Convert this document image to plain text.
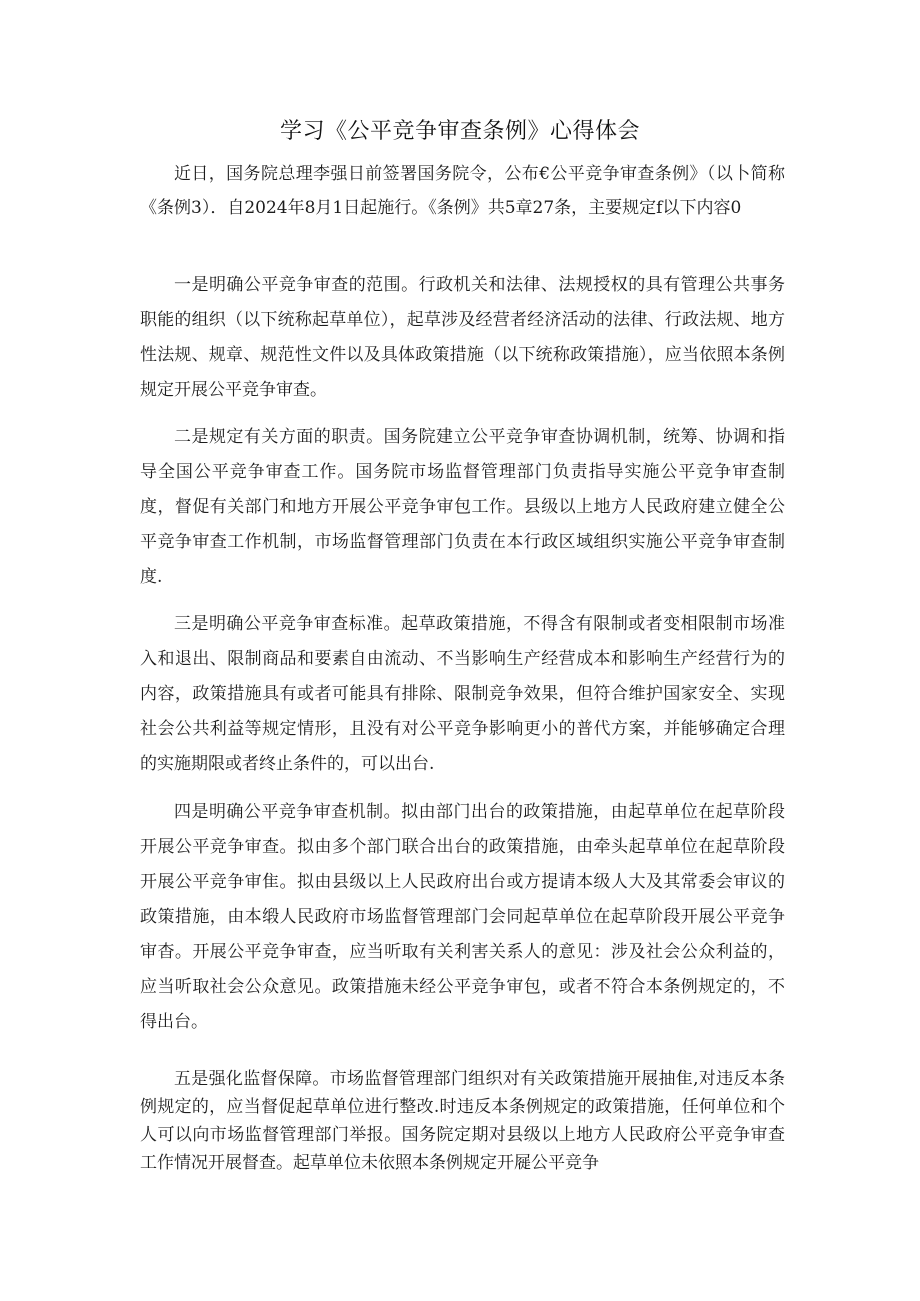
学习《公平竞争审查条例》心得体会

近日，国务院总理李强日前签署国务院令，公布€公平竞争审查条例》（以卜简称《条例3）．自2024年8月1日起施行。《条例》共5章27条，主要规定f以下内容0

一是明确公平竞争审查的范围。行政机关和法律、法规授权的具有管理公共事务职能的组织（以下统称起草单位），起草涉及经营者经济活动的法律、行政法规、地方性法规、规章、规范性文件以及具体政策措施（以下统称政策措施），应当依照本条例规定开展公平竞争审查。

二是规定有关方面的职责。国务院建立公平竞争审查协调机制，统筹、协调和指导全国公平竞争审查工作。国务院市场监督管理部门负责指导实施公平竞争审查制度，督促有关部门和地方开展公平竞争审包工作。县级以上地方人民政府建立健全公平竞争审查工作机制，市场监督管理部门负责在本行政区域组织实施公平竞争审查制度.

三是明确公平竞争审查标准。起草政策措施，不得含有限制或者变相限制市场准入和退出、限制商品和要素自由流动、不当影响生产经营成本和影响生产经营行为的内容，政策措施具有或者可能具有排除、限制竞争效果，但符合维护国家安全、实现社会公共利益等规定情形，且没有对公平竞争影响更小的普代方案，并能够确定合理的实施期限或者终止条件的，可以出台.

四是明确公平竞争审查机制。拟由部门出台的政策措施，由起草单位在起草阶段开展公平竞争审查。拟由多个部门联合出台的政策措施，由牵头起草单位在起草阶段开展公平竞争审隹。拟由县级以上人民政府出台或方提请本级人大及其常委会审议的政策措施，由本缎人民政府市场监督管理部门会同起草单位在起草阶段开展公平竞争审杳。开展公平竞争审查，应当听取有关利害关系人的意见：涉及社会公众利益的，应当听取社会公众意见。政策措施未经公平竞争审包，或者不符合本条例规定的，不得出台。

五是强化监督保障。市场监督管理部门组织对有关政策措施开展抽隹,对违反本条例规定的，应当督促起草单位进行整改.时违反本条例规定的政策措施，任何单位和个人可以向市场监督管理部门举报。国务院定期对县级以上地方人民政府公平竞争审查工作情况开展督查。起草单位未依照本条例规定开屣公平竞争
